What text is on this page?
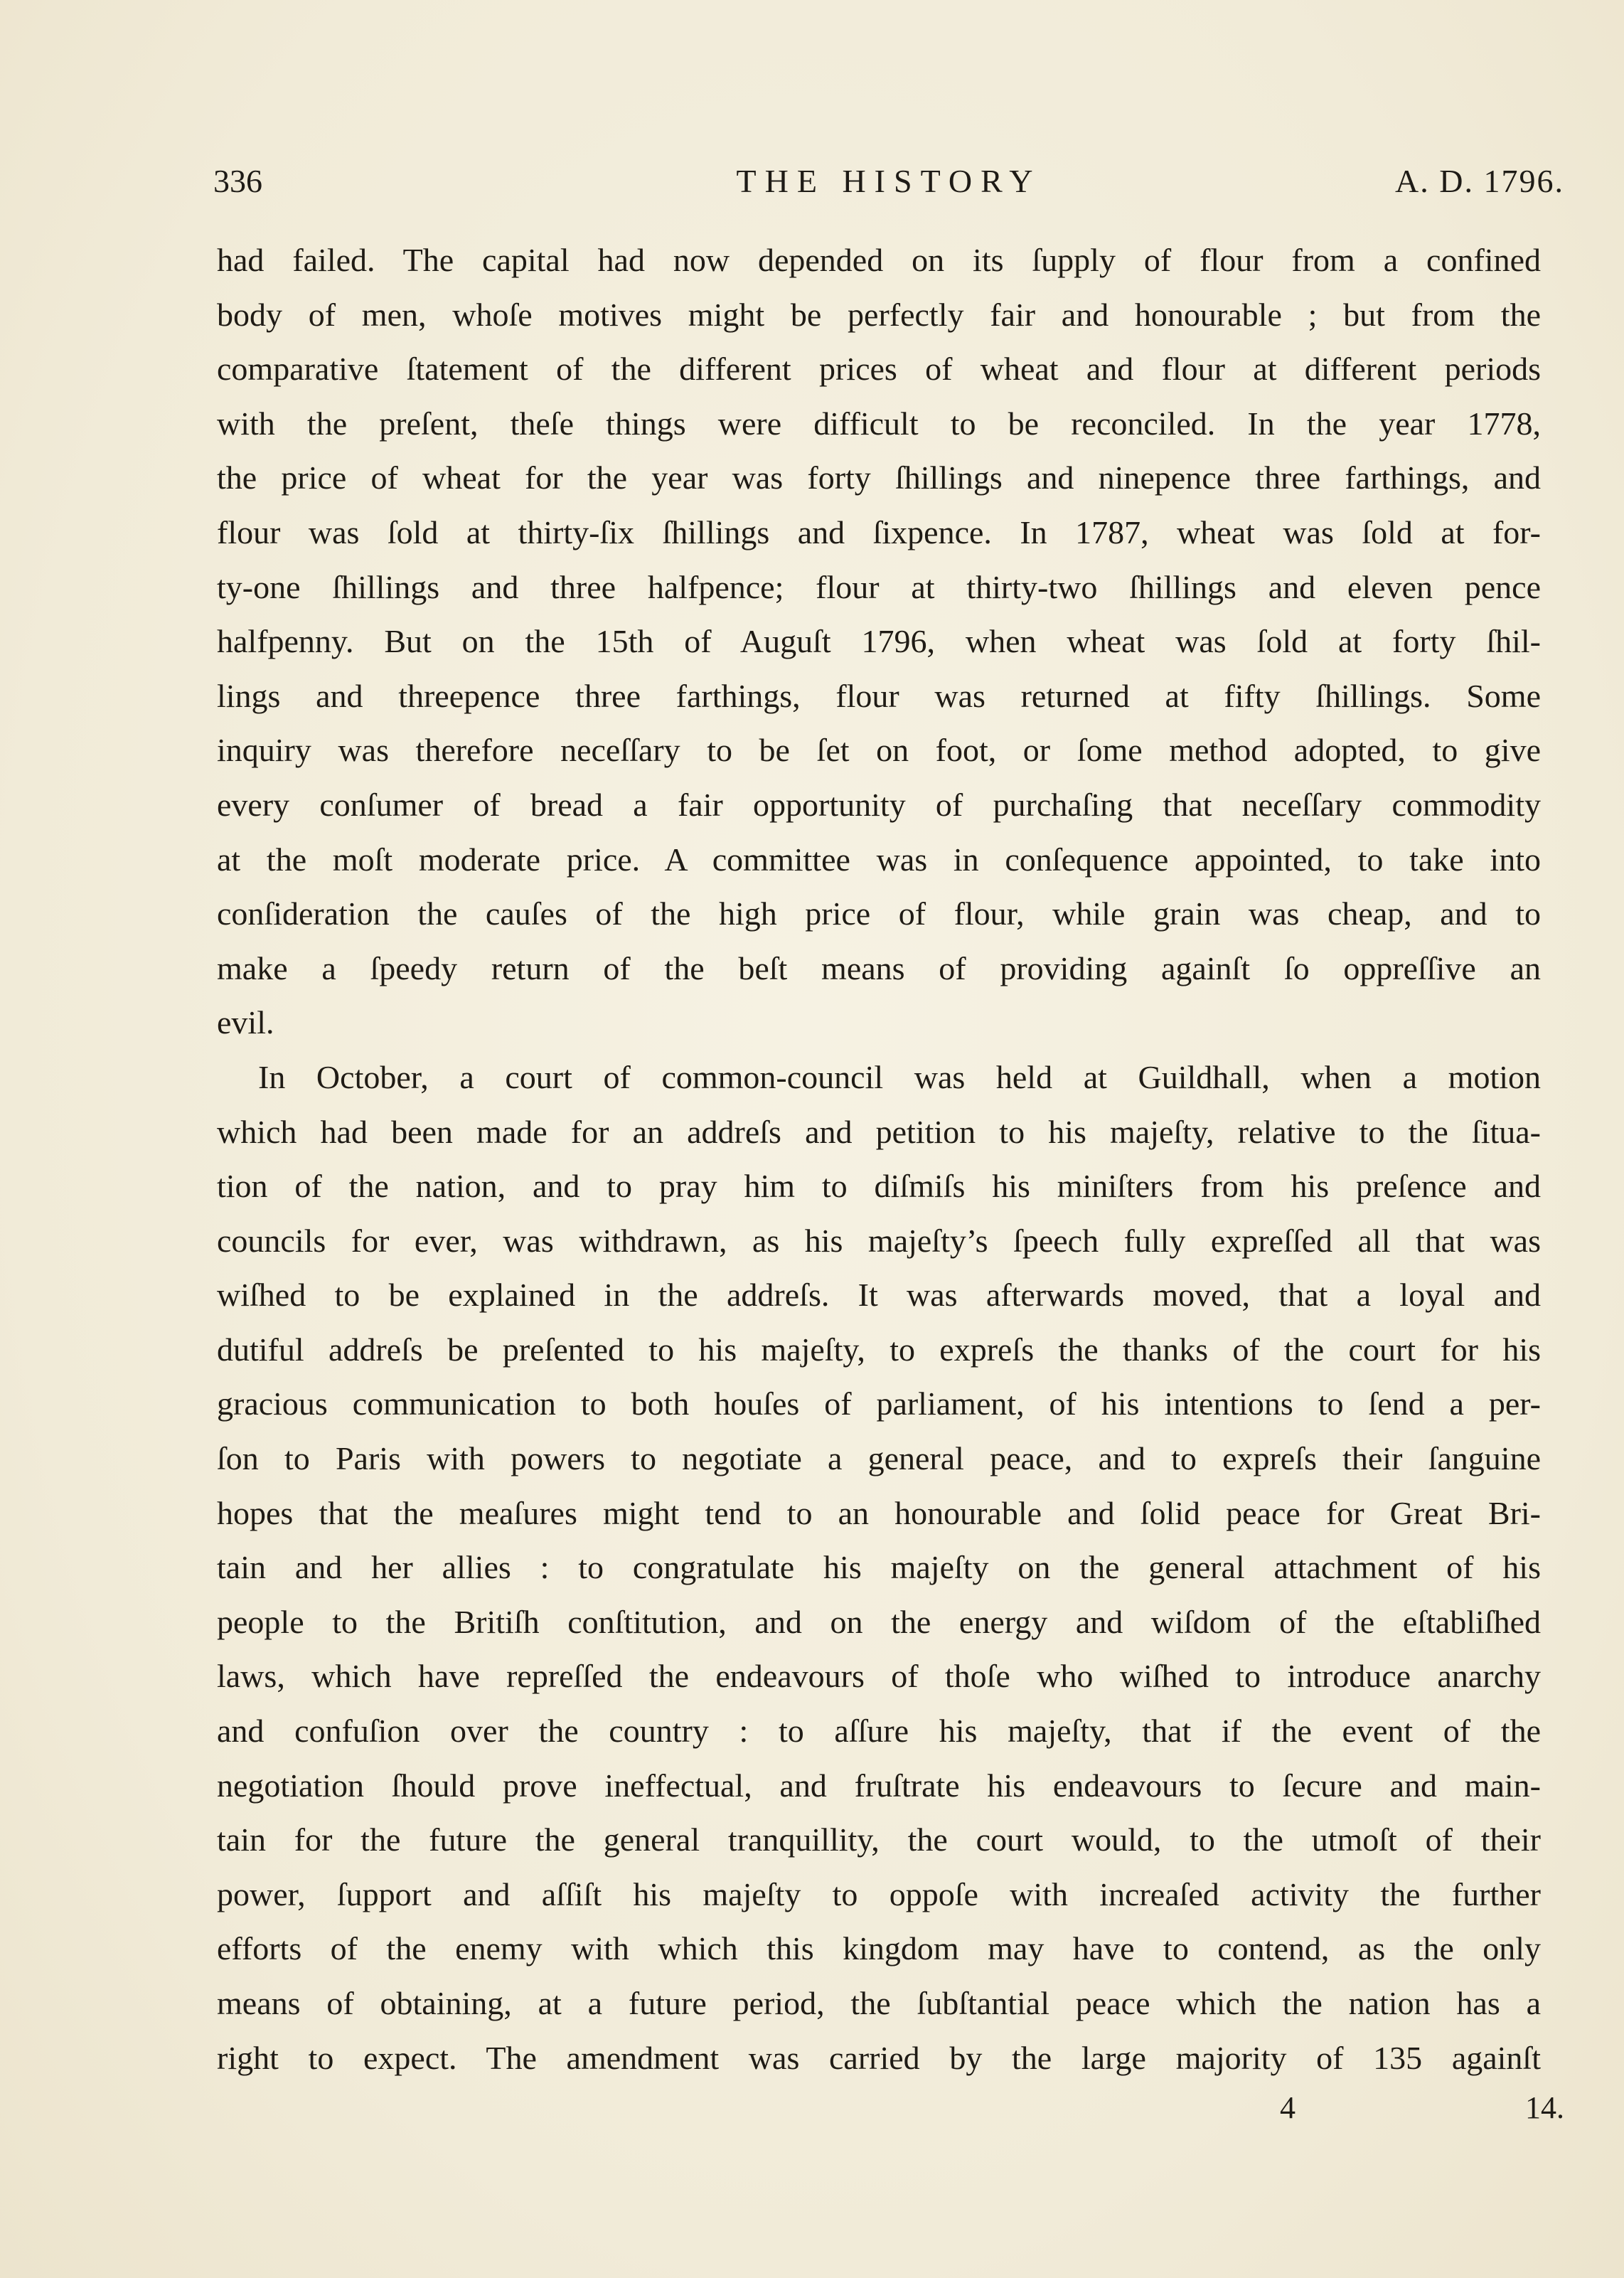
336	THE HISTORY	A. D. 1796.
had failed. The capital had now depended on its ſupply of flour from a confined
body of men, whoſe motives might be perfectly fair and honourable ; but from the
comparative ſtatement of the different prices of wheat and flour at different periods
with the preſent, theſe things were difficult to be reconciled. In the year 1778,
the price of wheat for the year was forty ſhillings and ninepence three farthings, and
flour was ſold at thirty-ſix ſhillings and ſixpence. In 1787, wheat was ſold at for-
ty-one ſhillings and three halfpence; flour at thirty-two ſhillings and eleven pence
halfpenny. But on the 15th of Auguſt 1796, when wheat was ſold at forty ſhil-
lings and threepence three farthings, flour was returned at fifty ſhillings. Some
inquiry was therefore neceſſary to be ſet on foot, or ſome method adopted, to give
every conſumer of bread a fair opportunity of purchaſing that neceſſary commodity
at the moſt moderate price. A committee was in conſequence appointed, to take into
conſideration the cauſes of the high price of flour, while grain was cheap, and to
make a ſpeedy return of the beſt means of providing againſt ſo oppreſſive an
evil.
In October, a court of common-council was held at Guildhall, when a motion
which had been made for an addreſs and petition to his majeſty, relative to the ſitua-
tion of the nation, and to pray him to diſmiſs his miniſters from his preſence and
councils for ever, was withdrawn, as his majeſty’s ſpeech fully expreſſed all that was
wiſhed to be explained in the addreſs. It was afterwards moved, that a loyal and
dutiful addreſs be preſented to his majeſty, to expreſs the thanks of the court for his
gracious communication to both houſes of parliament, of his intentions to ſend a per-
ſon to Paris with powers to negotiate a general peace, and to expreſs their ſanguine
hopes that the meaſures might tend to an honourable and ſolid peace for Great Bri-
tain and her allies : to congratulate his majeſty on the general attachment of his
people to the Britiſh conſtitution, and on the energy and wiſdom of the eſtabliſhed
laws, which have repreſſed the endeavours of thoſe who wiſhed to introduce anarchy
and confuſion over the country : to aſſure his majeſty, that if the event of the
negotiation ſhould prove ineffectual, and fruſtrate his endeavours to ſecure and main-
tain for the future the general tranquillity, the court would, to the utmoſt of their
power, ſupport and aſſiſt his majeſty to oppoſe with increaſed activity the further
efforts of the enemy with which this kingdom may have to contend, as the only
means of obtaining, at a future period, the ſubſtantial peace which the nation has a
right to expect. The amendment was carried by the large majority of 135 againſt
4	14.
